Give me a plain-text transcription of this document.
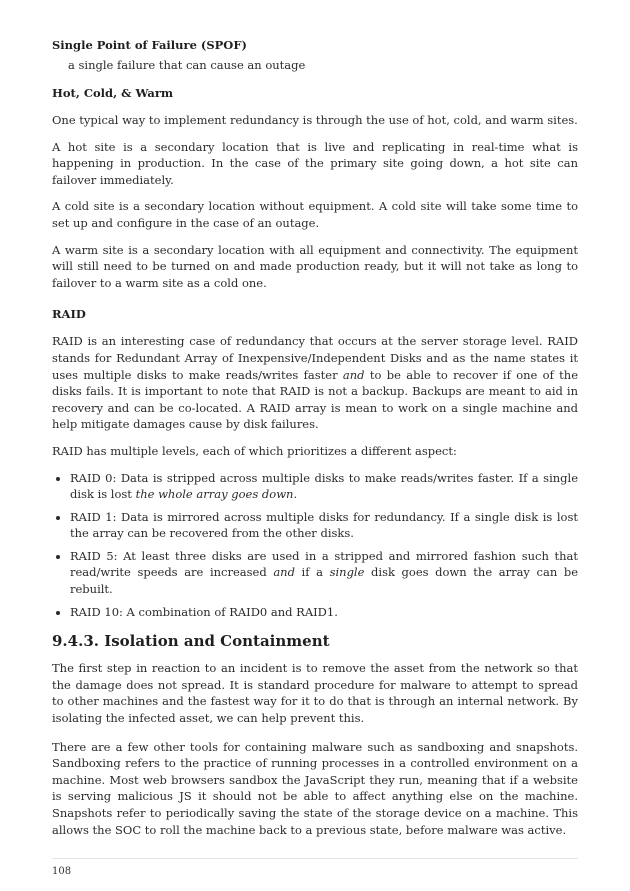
Single Point of Failure (SPOF)
a single failure that can cause an outage
Hot, Cold, & Warm

One typical way to implement redundancy is through the use of hot, cold, and warm sites.

A hot site is a secondary location that is live and replicating in real-time what is happening in production. In the case of the primary site going down, a hot site can failover immediately.

A cold site is a secondary location without equipment. A cold site will take some time to set up and configure in the case of an outage.

A warm site is a secondary location with all equipment and connectivity. The equipment will still need to be turned on and made production ready, but it will not take as long to failover to a warm site as a cold one.

RAID

RAID is an interesting case of redundancy that occurs at the server storage level. RAID stands for Redundant Array of Inexpensive/Independent Disks and as the name states it uses multiple disks to make reads/writes faster and to be able to recover if one of the disks fails. It is important to note that RAID is not a backup. Backups are meant to aid in recovery and can be co-located. A RAID array is mean to work on a single machine and help mitigate damages cause by disk failures.

RAID has multiple levels, each of which prioritizes a different aspect:

• RAID 0: Data is stripped across multiple disks to make reads/writes faster. If a single disk is lost the whole array goes down.
• RAID 1: Data is mirrored across multiple disks for redundancy. If a single disk is lost the array can be recovered from the other disks.
• RAID 5: At least three disks are used in a stripped and mirrored fashion such that read/write speeds are increased and if a single disk goes down the array can be rebuilt.
• RAID 10: A combination of RAID0 and RAID1.
9.4.3. Isolation and Containment

The first step in reaction to an incident is to remove the asset from the network so that the damage does not spread. It is standard procedure for malware to attempt to spread to other machines and the fastest way for it to do that is through an internal network. By isolating the infected asset, we can help prevent this.

There are a few other tools for containing malware such as sandboxing and snapshots. Sandboxing refers to the practice of running processes in a controlled environment on a machine. Most web browsers sandbox the JavaScript they run, meaning that if a website is serving malicious JS it should not be able to affect anything else on the machine. Snapshots refer to periodically saving the state of the storage device on a machine. This allows the SOC to roll the machine back to a previous state, before malware was active.

108
